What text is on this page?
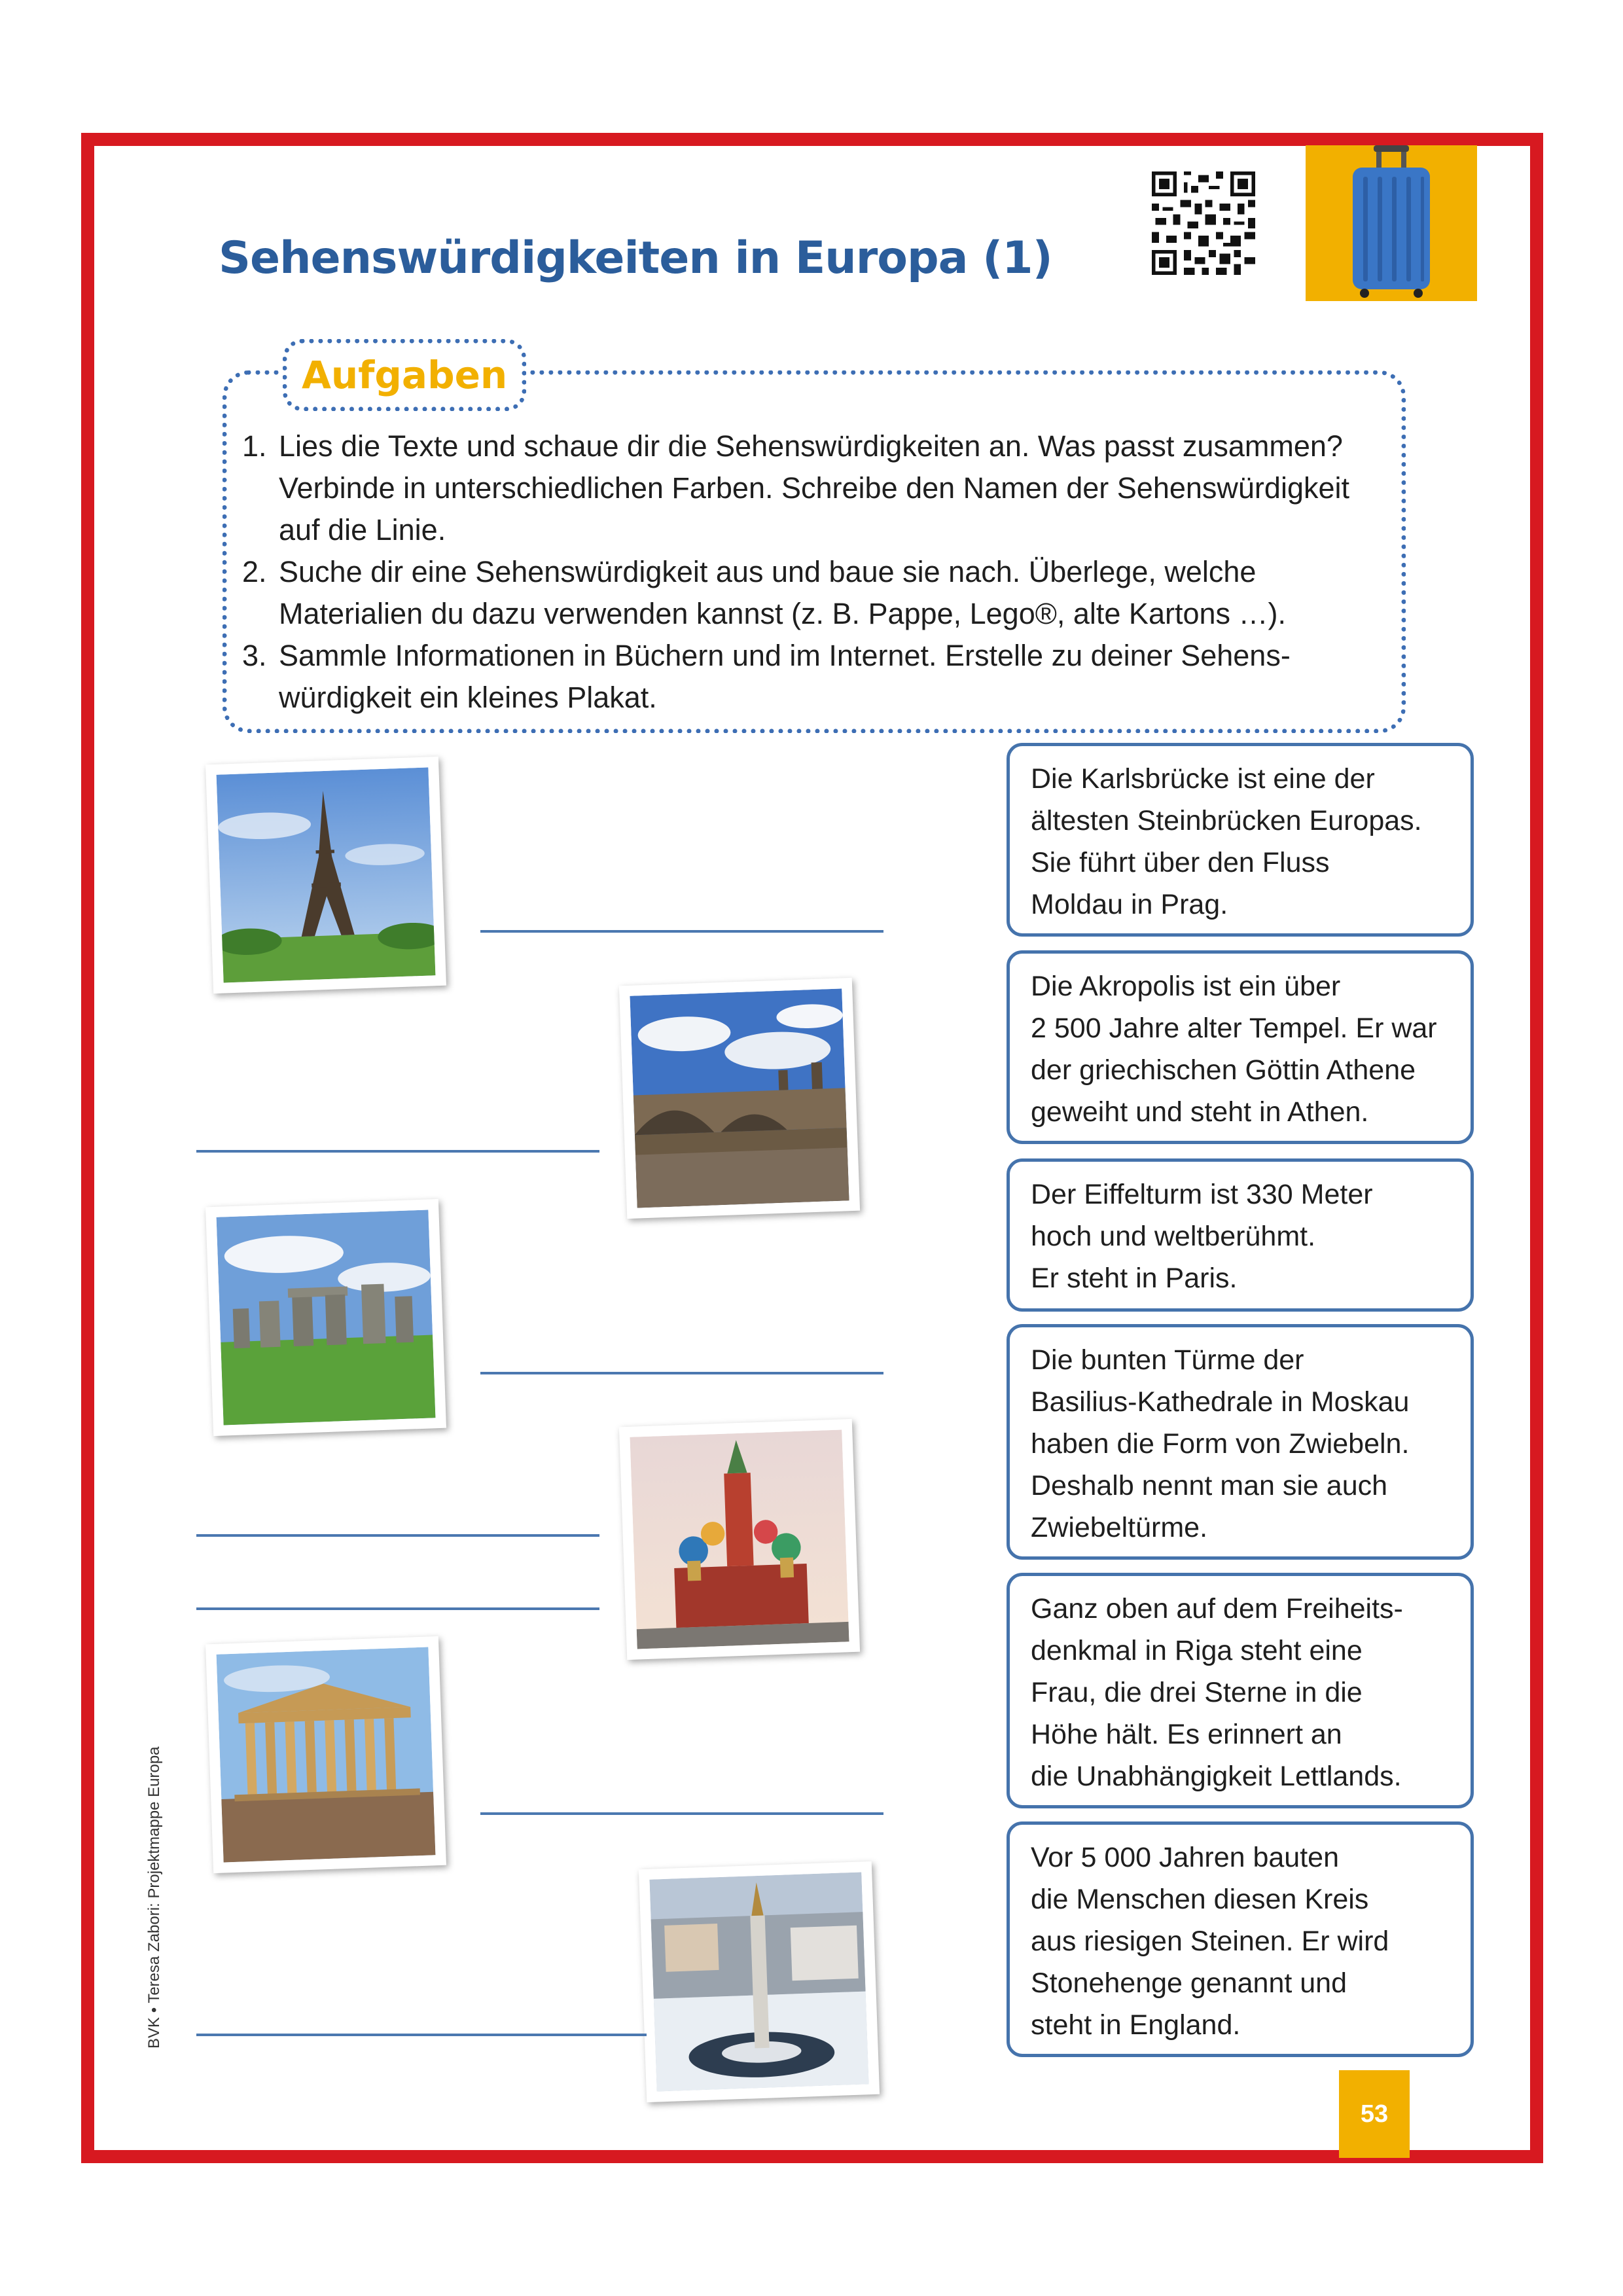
Sehenswürdigkeiten in Europa (1)
Aufgaben
1. Lies die Texte und schaue dir die Sehenswürdigkeiten an. Was passt zusammen? Verbinde in unterschiedlichen Farben. Schreibe den Namen der Sehenswürdigkeit auf die Linie.
2. Suche dir eine Sehenswürdigkeit aus und baue sie nach. Überlege, welche Materialien du dazu verwenden kannst (z. B. Pappe, Lego®, alte Kartons …).
3. Sammle Informationen in Büchern und im Internet. Erstelle zu deiner Sehens- würdigkeit ein kleines Plakat.
Die Karlsbrücke ist eine der
ältesten Steinbrücken Europas.
Sie führt über den Fluss
Moldau in Prag.
Die Akropolis ist ein über
2 500 Jahre alter Tempel. Er war
der griechischen Göttin Athene
geweiht und steht in Athen.
Der Eiffelturm ist 330 Meter
hoch und weltberühmt.
Er steht in Paris.
Die bunten Türme der
Basilius-Kathedrale in Moskau
haben die Form von Zwiebeln.
Deshalb nennt man sie auch
Zwiebeltürme.
Ganz oben auf dem Freiheits-
denkmal in Riga steht eine
Frau, die drei Sterne in die
Höhe hält. Es erinnert an
die Unabhängigkeit Lettlands.
Vor 5 000 Jahren bauten
die Menschen diesen Kreis
aus riesigen Steinen. Er wird
Stonehenge genannt und
steht in England.
BVK • Teresa Zabori: Projektmappe Europa
53
